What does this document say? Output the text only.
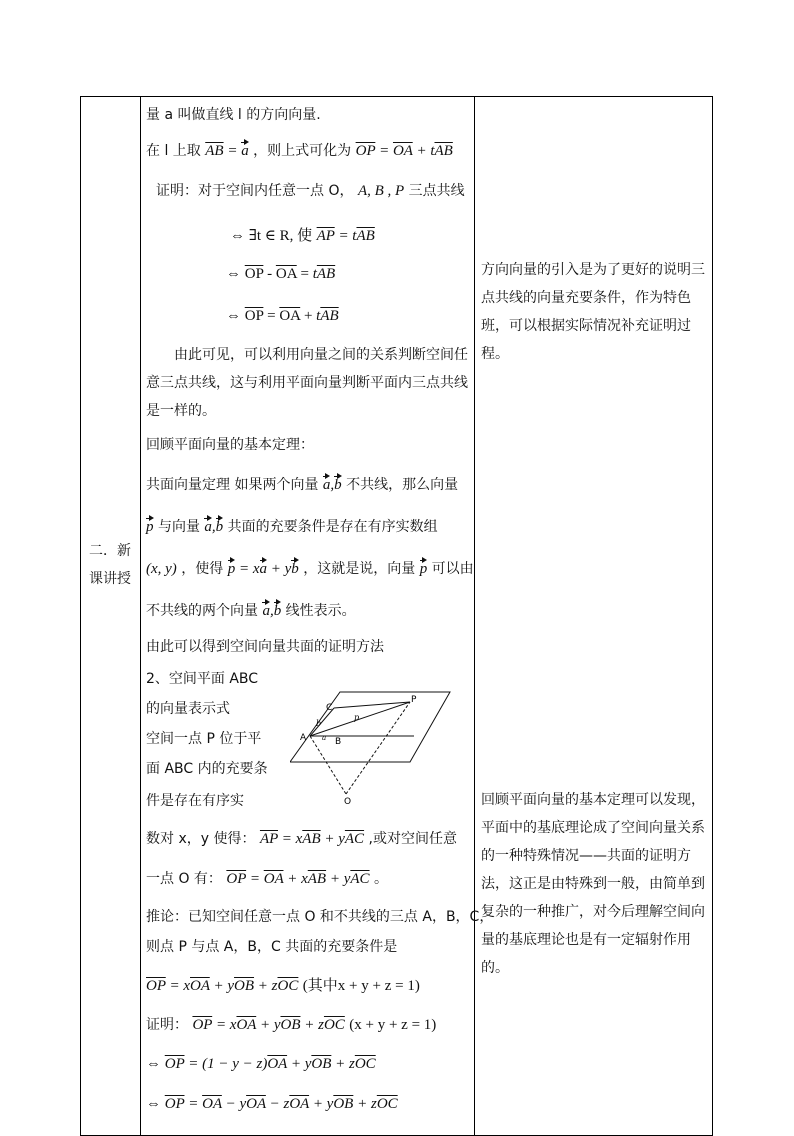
二．新
课讲授
量 a 叫做直线 l 的方向向量.
在 l 上取 $\overline{AB} = a$ ，则上式可化为 $\overline{OP} = \overline{OA} + t\overline{AB}$
证明：对于空间内任意一点 O， A, B , P 三点共线
⇔ ∃t ∈ R, 使 $\overline{AP} = t\overline{AB}$
⇔ $\overline{OP} - \overline{OA} = t\overline{AB}$
⇔ $\overline{OP} = \overline{OA} + t\overline{AB}$
由此可见，可以利用向量之间的关系判断空间任
意三点共线，这与利用平面向量判断平面内三点共线
是一样的。
回顾平面向量的基本定理：
共面向量定理 如果两个向量 a,b 不共线，那么向量
p 与向量 a,b 共面的充要条件是存在有序实数组
(x, y) ，使得 p = xa + yb ，这就是说，向量 p 可以由
不共线的两个向量 a,b 线性表示。
由此可以得到空间向量共面的证明方法
2、空间平面 ABC
的向量表示式
空间一点 P 位于平
面 ABC 内的充要条
件是存在有序实
数对 x，y 使得： $\overline{AP} = x\overline{AB} + y\overline{AC}$ ,或对空间任意
一点 O 有： $\overline{OP} = \overline{OA} + x\overline{AB} + y\overline{AC}$ 。
推论：已知空间任意一点 O 和不共线的三点 A，B，C，
则点 P 与点 A，B，C 共面的充要条件是
$\overline{OP} = x\overline{OA} + y\overline{OB} + z\overline{OC}$ (其中x + y + z = 1)
证明： $\overline{OP} = x\overline{OA} + y\overline{OB} + z\overline{OC}$ (x + y + z = 1)
⇔ $\overline{OP} = (1 - y - z)\overline{OA} + y\overline{OB} + z\overline{OC}$
⇔ $\overline{OP} = \overline{OA} - y\overline{OA} - z\overline{OA} + y\overline{OB} + z\overline{OC}$
C
P
A	B
O
b
p
a

方向向量的引入是为了更好的说明三点共线的向量充要条件，作为特色班，可以根据实际情况补充证明过程。

回顾平面向量的基本定理可以发现，平面中的基底理论成了空间向量关系的一种特殊情况——共面的证明方法，这正是由特殊到一般，由简单到复杂的一种推广，对今后理解空间向量的基底理论也是有一定辐射作用的。
